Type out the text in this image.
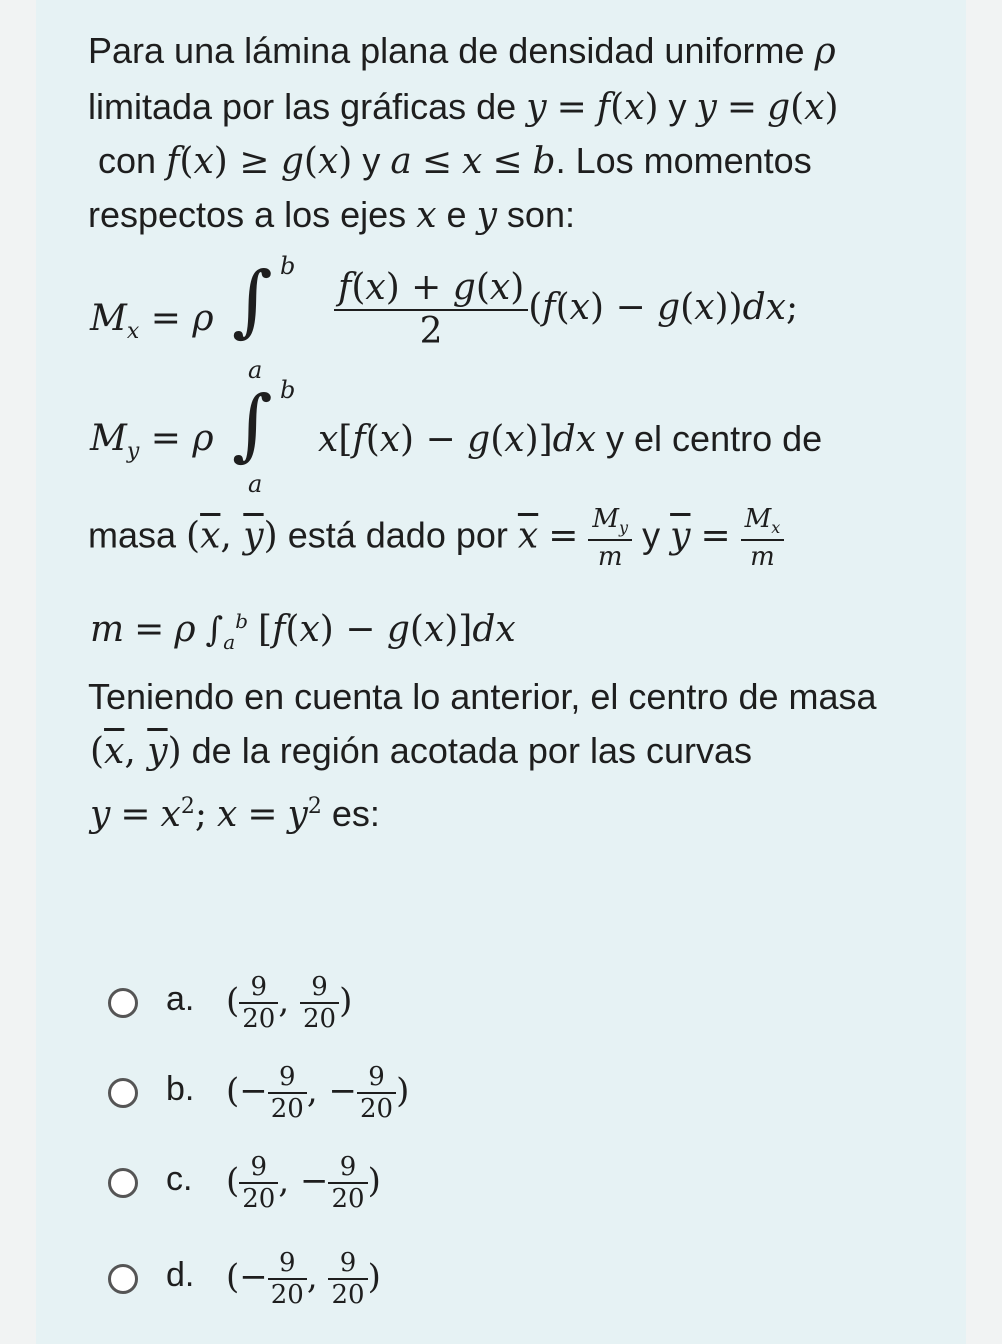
Para una lámina plana de densidad uniforme ρ
limitada por las gráficas de y = f(x) y y = g(x)
con f(x) ≥ g(x) y a ≤ x ≤ b. Los momentos
respectos a los ejes x e y son:
$M_x = \rho$ ∫ b
a
$\frac{f(x) + g(x)}{2} (f(x) - g(x))dx$;
$M_y = \rho$ ∫ b
a
x[f(x) − g(x)]dx y el centro de
masa ($\overline{x}$, $\overline{y}$) está dado por $\overline{x} = \frac{M_y}{m}$ y $\overline{y} = \frac{M_x}{m}$
m = ρ $\int_a^b$ [f(x) − g(x)]dx
Teniendo en cuenta lo anterior, el centro de masa
($\overline{x}$, $\overline{y}$) de la región acotada por las curvas
$y = x^2$; $x = y^2$ es:
a. ( $\frac{9}{20}$ , $\frac{9}{20}$ )
b. (− $\frac{9}{20}$ , − $\frac{9}{20}$ )
c. ( $\frac{9}{20}$ , − $\frac{9}{20}$ )
d. (− $\frac{9}{20}$ , $\frac{9}{20}$ )
